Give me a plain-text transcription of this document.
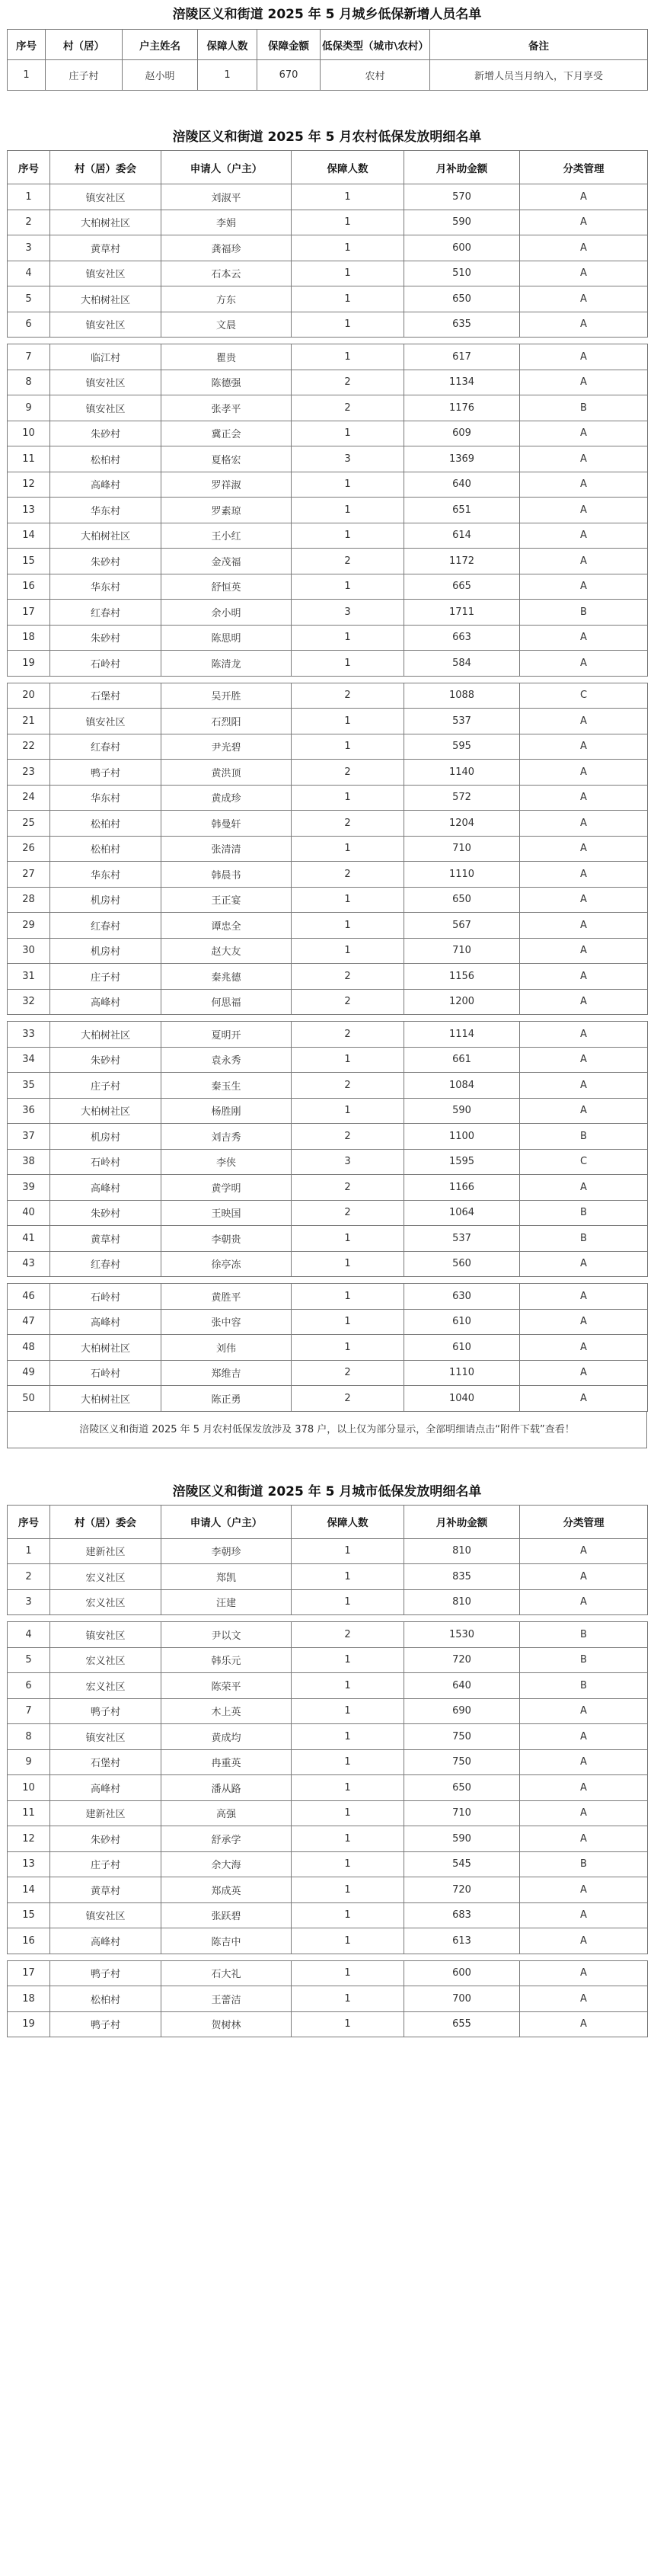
涪陵区义和街道 2025 年 5 月城乡低保新增人员名单
序号	村（居）	户主姓名	保障人数	保障金额	低保类型（城市\农村）	备注
1	庄子村	赵小明	1	670	农村	新增人员当月纳入，下月享受
涪陵区义和街道 2025 年 5 月农村低保发放明细名单
序号	村（居）委会	申请人（户主）	保障人数	月补助金额	分类管理
1	镇安社区	刘淑平	1	570	A
2	大柏树社区	李娟	1	590	A
3	黄草村	龚福珍	1	600	A
4	镇安社区	石本云	1	510	A
5	大柏树社区	方东	1	650	A
6	镇安社区	文晨	1	635	A

7	临江村	瞿贵	1	617	A
8	镇安社区	陈德强	2	1134	A
9	镇安社区	张孝平	2	1176	B
10	朱砂村	冀正会	1	609	A
11	松柏村	夏格宏	3	1369	A
12	高峰村	罗祥淑	1	640	A
13	华东村	罗素琼	1	651	A
14	大柏树社区	王小红	1	614	A
15	朱砂村	金茂福	2	1172	A
16	华东村	舒恒英	1	665	A
17	红春村	余小明	3	1711	B
18	朱砂村	陈思明	1	663	A
19	石岭村	陈清龙	1	584	A

20	石堡村	吴开胜	2	1088	C
21	镇安社区	石烈阳	1	537	A
22	红春村	尹光碧	1	595	A
23	鸭子村	黄洪顶	2	1140	A
24	华东村	黄成珍	1	572	A
25	松柏村	韩曼轩	2	1204	A
26	松柏村	张清清	1	710	A
27	华东村	韩晨书	2	1110	A
28	机房村	王正宴	1	650	A
29	红春村	谭忠全	1	567	A
30	机房村	赵大友	1	710	A
31	庄子村	秦兆德	2	1156	A
32	高峰村	何思福	2	1200	A

33	大柏树社区	夏明开	2	1114	A
34	朱砂村	袁永秀	1	661	A
35	庄子村	秦玉生	2	1084	A
36	大柏树社区	杨胜刚	1	590	A
37	机房村	刘吉秀	2	1100	B
38	石岭村	李侠	3	1595	C
39	高峰村	黄学明	2	1166	A
40	朱砂村	王映国	2	1064	B
41	黄草村	李朝贵	1	537	B
43	红春村	徐亭冻	1	560	A

46	石岭村	黄胜平	1	630	A
47	高峰村	张中容	1	610	A
48	大柏树社区	刘伟	1	610	A
49	石岭村	郑维吉	2	1110	A
50	大柏树社区	陈正勇	2	1040	A
涪陵区义和街道 2025 年 5 月农村低保发放涉及 378 户，以上仅为部分显示，全部明细请点击“附件下载”查看！
涪陵区义和街道 2025 年 5 月城市低保发放明细名单
序号	村（居）委会	申请人（户主）	保障人数	月补助金额	分类管理
1	建新社区	李朝珍	1	810	A
2	宏义社区	郑凯	1	835	A
3	宏义社区	汪建	1	810	A

4	镇安社区	尹以文	2	1530	B
5	宏义社区	韩乐元	1	720	B
6	宏义社区	陈荣平	1	640	B
7	鸭子村	木上英	1	690	A
8	镇安社区	黄成均	1	750	A
9	石堡村	冉重英	1	750	A
10	高峰村	潘从路	1	650	A
11	建新社区	高强	1	710	A
12	朱砂村	舒承学	1	590	A
13	庄子村	余大海	1	545	B
14	黄草村	郑成英	1	720	A
15	镇安社区	张跃碧	1	683	A
16	高峰村	陈吉中	1	613	A

17	鸭子村	石大礼	1	600	A
18	松柏村	王蕾洁	1	700	A
19	鸭子村	贺树林	1	655	A
